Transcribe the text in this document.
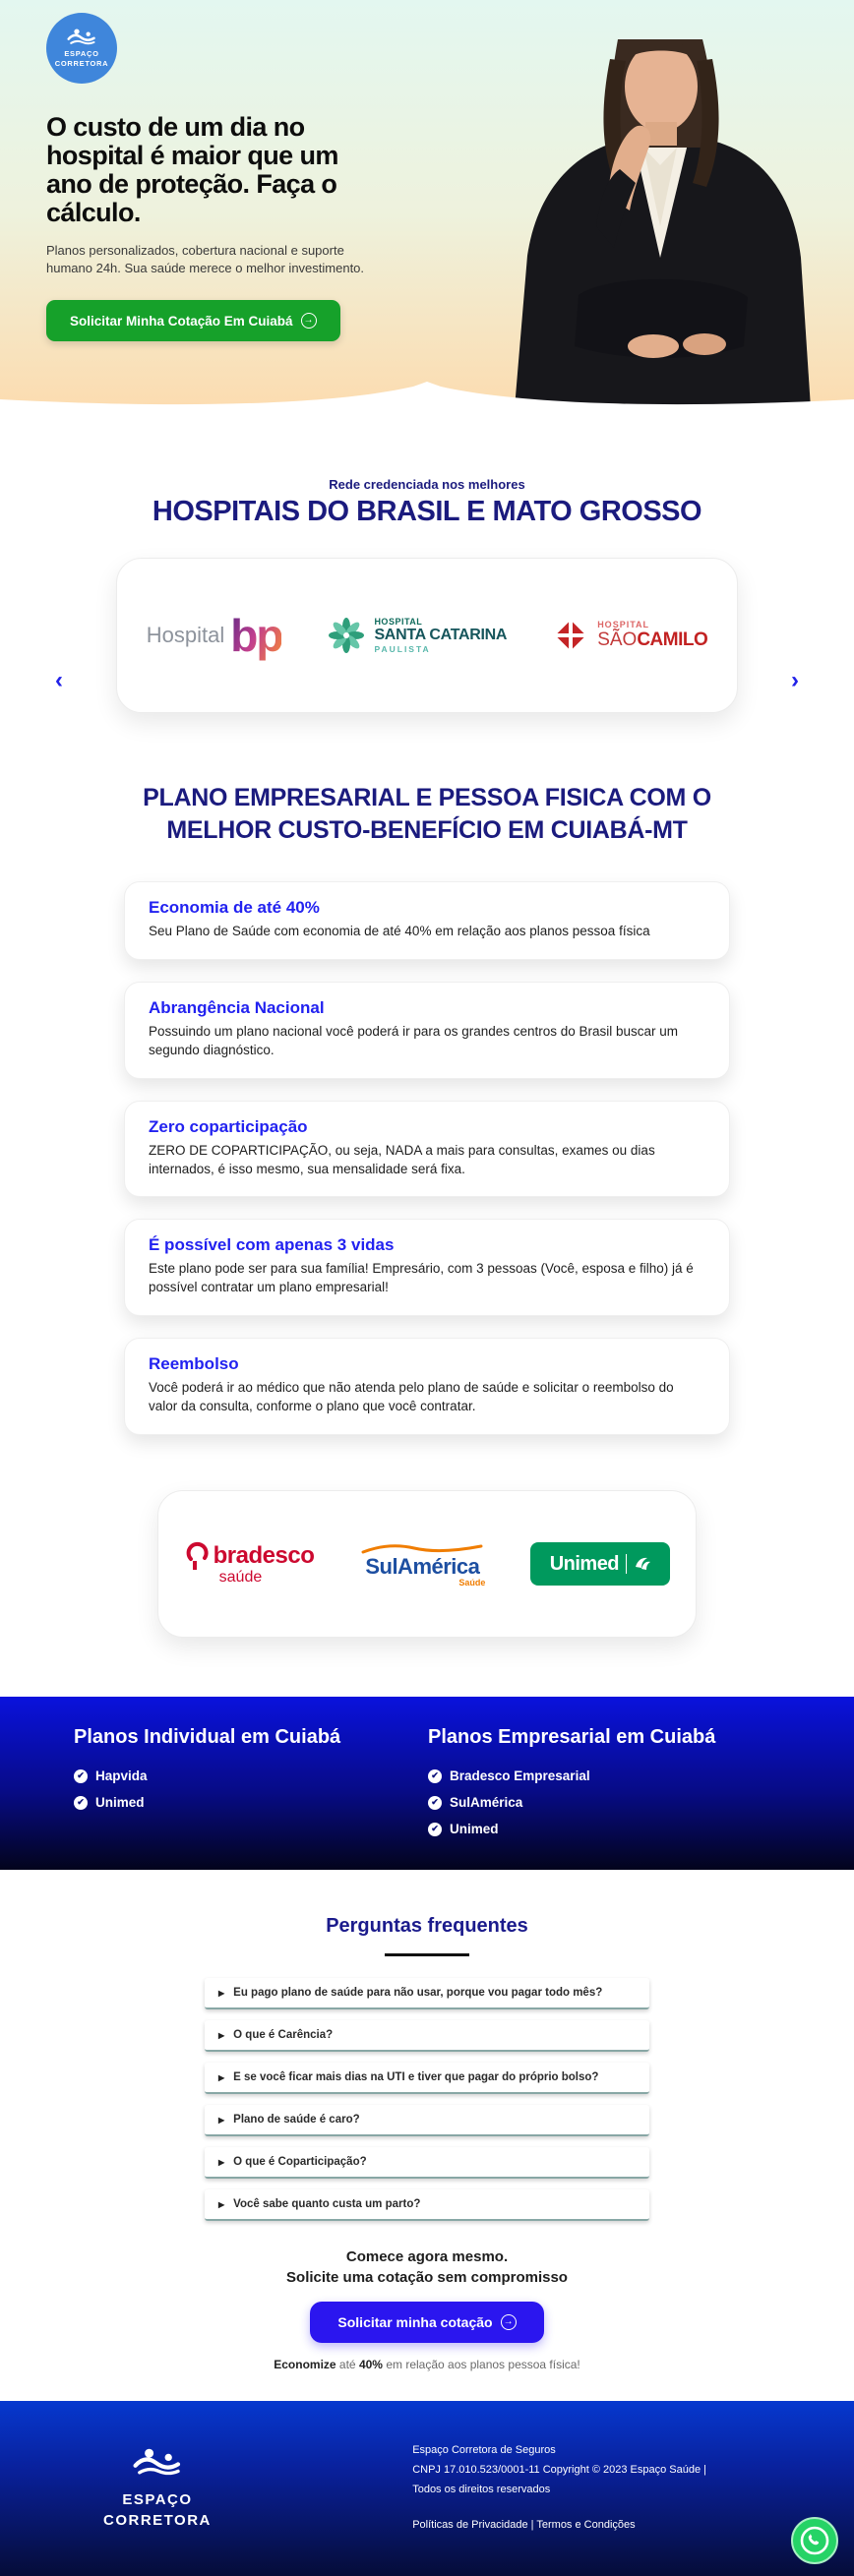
ESPAÇO
CORRETORA
O custo de um dia no hospital é maior que um ano de proteção. Faça o cálculo.

Planos personalizados, cobertura nacional e suporte humano 24h. Sua saúde merece o melhor investimento.

Solicitar Minha Cotação Em Cuiabá	→
Rede credenciada nos melhores
HOSPITAIS DO BRASIL E MATO GROSSO
‹	›
Hospital bp	HOSPITAL
SANTA CATARINA
PAULISTA
HOSPITAL
SÃOCAMILO
PLANO EMPRESARIAL E PESSOA FISICA COM O MELHOR CUSTO-BENEFÍCIO EM CUIABÁ-MT
Economia de até 40%

Seu Plano de Saúde com economia de até 40% em relação aos planos pessoa física

Abrangência Nacional

Possuindo um plano nacional você poderá ir para os grandes centros do Brasil buscar um segundo diagnóstico.

Zero coparticipação

ZERO DE COPARTICIPAÇÃO, ou seja, NADA a mais para consultas, exames ou dias internados, é isso mesmo, sua mensalidade será fixa.

É possível com apenas 3 vidas

Este plano pode ser para sua família! Empresário, com 3 pessoas (Você, esposa e filho) já é possível contratar um plano empresarial!

Reembolso

Você poderá ir ao médico que não atenda pelo plano de saúde e solicitar o reembolso do valor da consulta, conforme o plano que você contratar.

bradesco
saúde	SulAmérica
Saúde
Unimed
Planos Individual em Cuiabá
✔ Hapvida
✔ Unimed
Planos Empresarial em Cuiabá
✔ Bradesco Empresarial
✔ SulAmérica
✔ Unimed
Perguntas frequentes
▶ Eu pago plano de saúde para não usar, porque vou pagar todo mês?
▶ O que é Carência?
▶ E se você ficar mais dias na UTI e tiver que pagar do próprio bolso?
▶ Plano de saúde é caro?
▶ O que é Coparticipação?
▶ Você sabe quanto custa um parto?
Comece agora mesmo.
Solicite uma cotação sem compromisso
Solicitar minha cotação	→
Economize até 40% em relação aos planos pessoa física!
ESPAÇO
CORRETORA
Espaço Corretora de Seguros
CNPJ 17.010.523/0001-11 Copyright © 2023 Espaço Saúde |
Todos os direitos reservados
Políticas de Privacidade | Termos e Condições
